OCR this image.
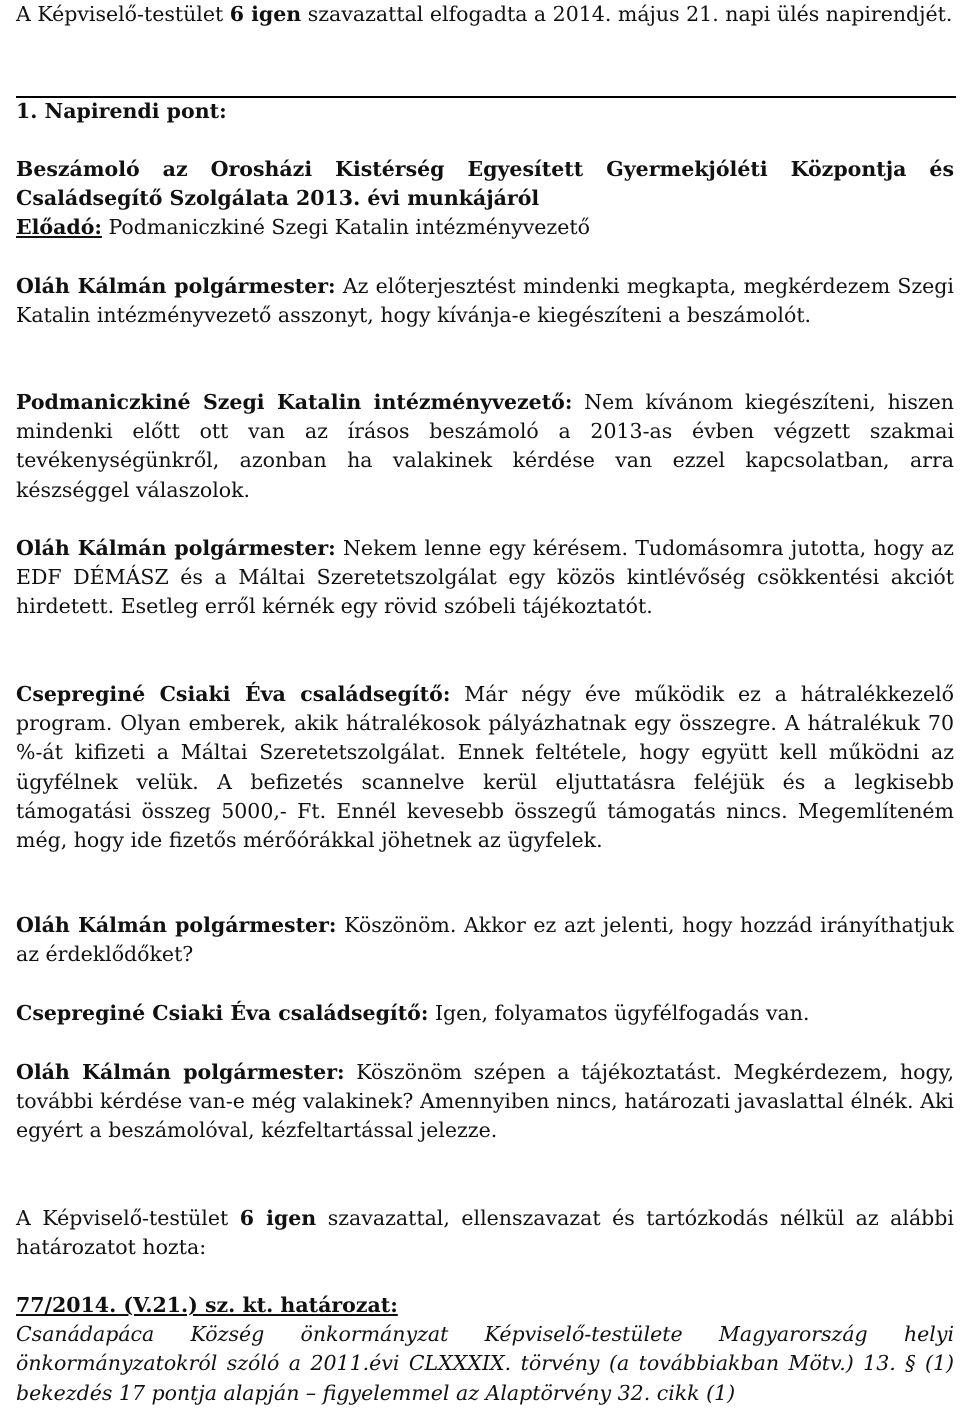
A Képviselő-testület 6 igen szavazattal elfogadta a 2014. május 21. napi ülés napirendjét.

1. Napirendi pont:

Beszámoló az Orosházi Kistérség Egyesített Gyermekjóléti Központja és Családsegítő Szolgálata 2013. évi munkájáról

Előadó: Podmaniczkiné Szegi Katalin intézményvezető

Oláh Kálmán polgármester: Az előterjesztést mindenki megkapta, megkérdezem Szegi Katalin intézményvezető asszonyt, hogy kívánja-e kiegészíteni a beszámolót.

Podmaniczkiné Szegi Katalin intézményvezető: Nem kívánom kiegészíteni, hiszen mindenki előtt ott van az írásos beszámoló a 2013-as évben végzett szakmai tevékenységünkről, azonban ha valakinek kérdése van ezzel kapcsolatban, arra készséggel válaszolok.

Oláh Kálmán polgármester: Nekem lenne egy kérésem. Tudomásomra jutotta, hogy az EDF DÉMÁSZ és a Máltai Szeretetszolgálat egy közös kintlévőség csökkentési akciót hirdetett. Esetleg erről kérnék egy rövid szóbeli tájékoztatót.

Csepreginé Csiaki Éva családsegítő: Már négy éve működik ez a hátralékkezelő program. Olyan emberek, akik hátralékosok pályázhatnak egy összegre. A hátralékuk 70 %-át kifizeti a Máltai Szeretetszolgálat. Ennek feltétele, hogy együtt kell működni az ügyfélnek velük. A befizetés scannelve kerül eljuttatásra feléjük és a legkisebb támogatási összeg 5000,- Ft. Ennél kevesebb összegű támogatás nincs. Megemlíteném még, hogy ide fizetős mérőórákkal jöhetnek az ügyfelek.

Oláh Kálmán polgármester: Köszönöm. Akkor ez azt jelenti, hogy hozzád irányíthatjuk az érdeklődőket?

Csepreginé Csiaki Éva családsegítő: Igen, folyamatos ügyfélfogadás van.

Oláh Kálmán polgármester: Köszönöm szépen a tájékoztatást. Megkérdezem, hogy, további kérdése van-e még valakinek? Amennyiben nincs, határozati javaslattal élnék. Aki egyért a beszámolóval, kézfeltartással jelezze.

A Képviselő-testület 6 igen szavazattal, ellenszavazat és tartózkodás nélkül az alábbi határozatot hozta:

77/2014. (V.21.) sz. kt. határozat:

Csanádapáca Község önkormányzat Képviselő-testülete Magyarország helyi önkormányzatokról szóló a 2011.évi CLXXXIX. törvény (a továbbiakban Mötv.) 13. § (1) bekezdés 17 pontja alapján – figyelemmel az Alaptörvény 32. cikk (1)
